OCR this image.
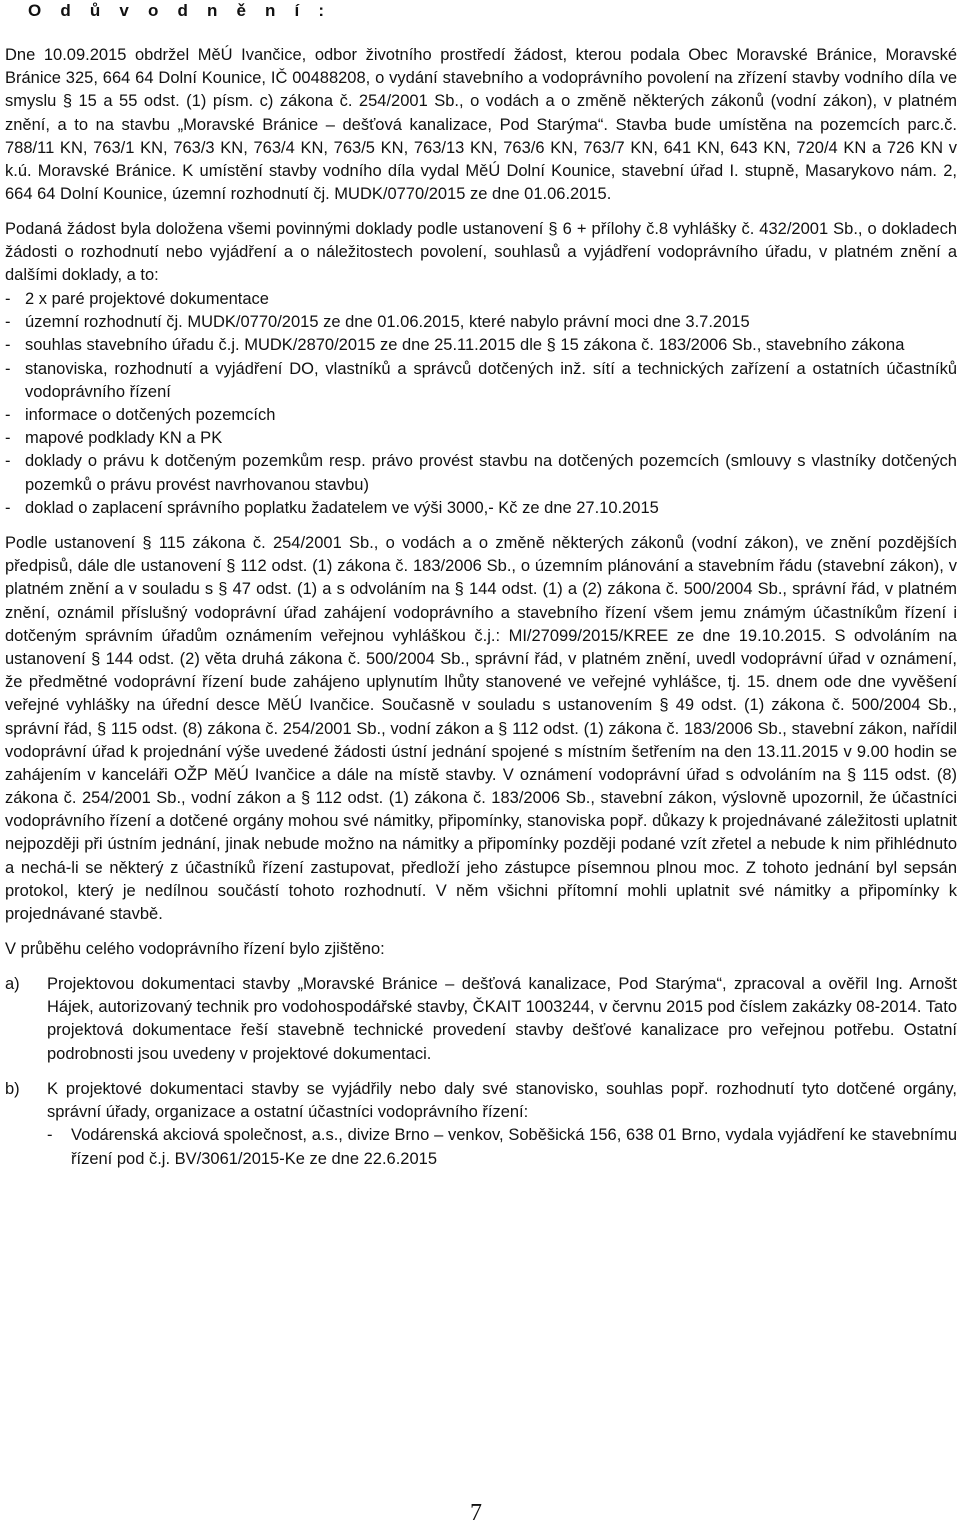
O d ů v o d n ě n í :

Dne 10.09.2015 obdržel MěÚ Ivančice, odbor životního prostředí žádost, kterou podala Obec Moravské Bránice, Moravské Bránice 325, 664 64 Dolní Kounice, IČ 00488208, o vydání stavebního a vodoprávního povolení na zřízení stavby vodního díla ve smyslu § 15 a 55 odst. (1) písm. c) zákona č. 254/2001 Sb., o vodách a o změně některých zákonů (vodní zákon), v platném znění, a to na stavbu „Moravské Bránice – dešťová kanalizace, Pod Starýma“. Stavba bude umístěna na pozemcích parc.č. 788/11 KN, 763/1 KN, 763/3 KN, 763/4 KN, 763/5 KN, 763/13 KN, 763/6 KN, 763/7 KN, 641 KN, 643 KN, 720/4 KN a 726 KN v k.ú. Moravské Bránice. K umístění stavby vodního díla vydal MěÚ Dolní Kounice, stavební úřad I. stupně, Masarykovo nám. 2, 664 64 Dolní Kounice, územní rozhodnutí čj. MUDK/0770/2015 ze dne 01.06.2015.

Podaná žádost byla doložena všemi povinnými doklady podle ustanovení § 6 + přílohy č.8 vyhlášky č. 432/2001 Sb., o dokladech žádosti o rozhodnutí nebo vyjádření a o náležitostech povolení, souhlasů a vyjádření vodoprávního úřadu, v platném znění a dalšími doklady, a to:

- 2 x paré projektové dokumentace
- územní rozhodnutí čj. MUDK/0770/2015 ze dne 01.06.2015, které nabylo právní moci dne 3.7.2015
- souhlas stavebního úřadu č.j. MUDK/2870/2015 ze dne 25.11.2015 dle § 15 zákona č. 183/2006 Sb., stavebního zákona
- stanoviska, rozhodnutí a vyjádření DO, vlastníků a správců dotčených inž. sítí a technických zařízení a ostatních účastníků vodoprávního řízení
- informace o dotčených pozemcích
- mapové podklady KN a PK
- doklady o právu k dotčeným pozemkům resp. právo provést stavbu na dotčených pozemcích (smlouvy s vlastníky dotčených pozemků o právu provést navrhovanou stavbu)
- doklad o zaplacení správního poplatku žadatelem ve výši 3000,- Kč ze dne 27.10.2015

Podle ustanovení § 115 zákona č. 254/2001 Sb., o vodách a o změně některých zákonů (vodní zákon), ve znění pozdějších předpisů, dále dle ustanovení § 112 odst. (1) zákona č. 183/2006 Sb., o územním plánování a stavebním řádu (stavební zákon), v platném znění a v souladu s § 47 odst. (1) a s odvoláním na § 144 odst. (1) a (2) zákona č. 500/2004 Sb., správní řád, v platném znění, oznámil příslušný vodoprávní úřad zahájení vodoprávního a stavebního řízení všem jemu známým účastníkům řízení i dotčeným správním úřadům oznámením veřejnou vyhláškou č.j.: MI/27099/2015/KREE ze dne 19.10.2015. S odvoláním na ustanovení § 144 odst. (2) věta druhá zákona č. 500/2004 Sb., správní řád, v platném znění, uvedl vodoprávní úřad v oznámení, že předmětné vodoprávní řízení bude zahájeno uplynutím lhůty stanovené ve veřejné vyhlášce, tj. 15. dnem ode dne vyvěšení veřejné vyhlášky na úřední desce MěÚ Ivančice. Současně v souladu s ustanovením § 49 odst. (1) zákona č. 500/2004 Sb., správní řád, § 115 odst. (8) zákona č. 254/2001 Sb., vodní zákon a § 112 odst. (1) zákona č. 183/2006 Sb., stavební zákon, nařídil vodoprávní úřad k projednání výše uvedené žádosti ústní jednání spojené s místním šetřením na den 13.11.2015 v 9.00 hodin se zahájením v kanceláři OŽP MěÚ Ivančice a dále na místě stavby. V oznámení vodoprávní úřad s odvoláním na § 115 odst. (8) zákona č. 254/2001 Sb., vodní zákon a § 112 odst. (1) zákona č. 183/2006 Sb., stavební zákon, výslovně upozornil, že účastníci vodoprávního řízení a dotčené orgány mohou své námitky, připomínky, stanoviska popř. důkazy k projednávané záležitosti uplatnit nejpozději při ústním jednání, jinak nebude možno na námitky a připomínky později podané vzít zřetel a nebude k nim přihlédnuto a nechá-li se některý z účastníků řízení zastupovat, předloží jeho zástupce písemnou plnou moc. Z tohoto jednání byl sepsán protokol, který je nedílnou součástí tohoto rozhodnutí. V něm všichni přítomní mohli uplatnit své námitky a připomínky k projednávané stavbě.

V průběhu celého vodoprávního řízení bylo zjištěno:

a) Projektovou dokumentaci stavby „Moravské Bránice – dešťová kanalizace, Pod Starýma“, zpracoval a ověřil Ing. Arnošt Hájek, autorizovaný technik pro vodohospodářské stavby, ČKAIT 1003244, v červnu 2015 pod číslem zakázky 08-2014. Tato projektová dokumentace řeší stavebně technické provedení stavby dešťové kanalizace pro veřejnou potřebu. Ostatní podrobnosti jsou uvedeny v projektové dokumentaci.
b) K projektové dokumentaci stavby se vyjádřily nebo daly své stanovisko, souhlas popř. rozhodnutí tyto dotčené orgány, správní úřady, organizace a ostatní účastníci vodoprávního řízení:
- Vodárenská akciová společnost, a.s., divize Brno – venkov, Soběšická 156, 638 01 Brno, vydala vyjádření ke stavebnímu řízení pod č.j. BV/3061/2015-Ke ze dne 22.6.2015
7
